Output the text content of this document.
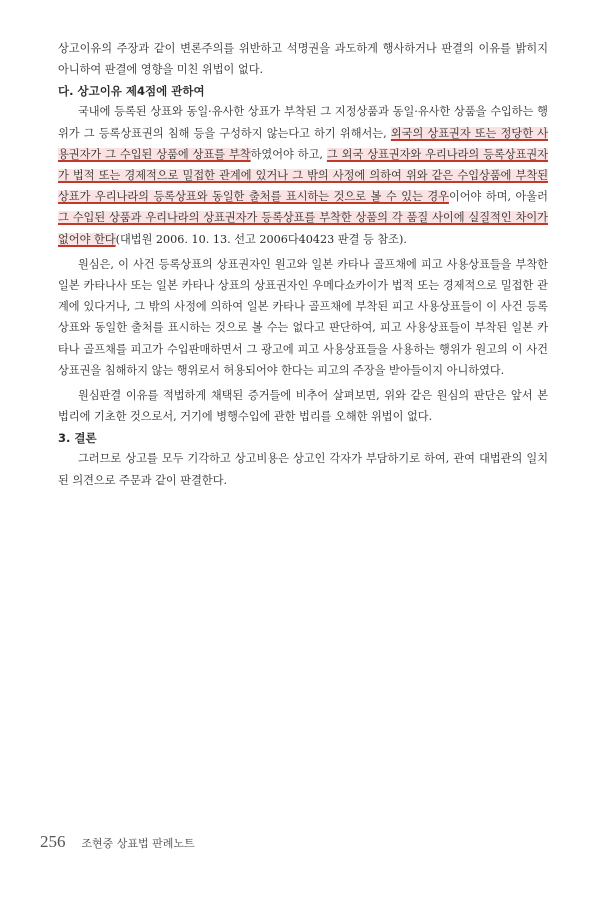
상고이유의 주장과 같이 변론주의를 위반하고 석명권을 과도하게 행사하거나 판결의 이유를 밝히지 아니하여 판결에 영향을 미친 위법이 없다.

다. 상고이유 제4점에 관하여

국내에 등록된 상표와 동일·유사한 상표가 부착된 그 지정상품과 동일·유사한 상품을 수입하는 행위가 그 등록상표권의 침해 등을 구성하지 않는다고 하기 위해서는, 외국의 상표권자 또는 정당한 사용권자가 그 수입된 상품에 상표를 부착하였어야 하고, 그 외국 상표권자와 우리나라의 등록상표권자가 법적 또는 경제적으로 밀접한 관계에 있거나 그 밖의 사정에 의하여 위와 같은 수입상품에 부착된 상표가 우리나라의 등록상표와 동일한 출처를 표시하는 것으로 볼 수 있는 경우이어야 하며, 아울러 그 수입된 상품과 우리나라의 상표권자가 등록상표를 부착한 상품의 각 품질 사이에 실질적인 차이가 없어야 한다(대법원 2006. 10. 13. 선고 2006다40423 판결 등 참조).

원심은, 이 사건 등록상표의 상표권자인 원고와 일본 카타나 골프채에 피고 사용상표들을 부착한 일본 카타나사 또는 일본 카타나 상표의 상표권자인 우메다쇼카이가 법적 또는 경제적으로 밀접한 관계에 있다거나, 그 밖의 사정에 의하여 일본 카타나 골프채에 부착된 피고 사용상표들이 이 사건 등록상표와 동일한 출처를 표시하는 것으로 볼 수는 없다고 판단하여, 피고 사용상표들이 부착된 일본 카타나 골프채를 피고가 수입판매하면서 그 광고에 피고 사용상표들을 사용하는 행위가 원고의 이 사건 상표권을 침해하지 않는 행위로서 허용되어야 한다는 피고의 주장을 받아들이지 아니하였다.

원심판결 이유를 적법하게 채택된 증거들에 비추어 살펴보면, 위와 같은 원심의 판단은 앞서 본 법리에 기초한 것으로서, 거기에 병행수입에 관한 법리를 오해한 위법이 없다.

3. 결론

그러므로 상고를 모두 기각하고 상고비용은 상고인 각자가 부담하기로 하여, 관여 대법관의 일치된 의견으로 주문과 같이 판결한다.

256 조현중 상표법 판례노트
